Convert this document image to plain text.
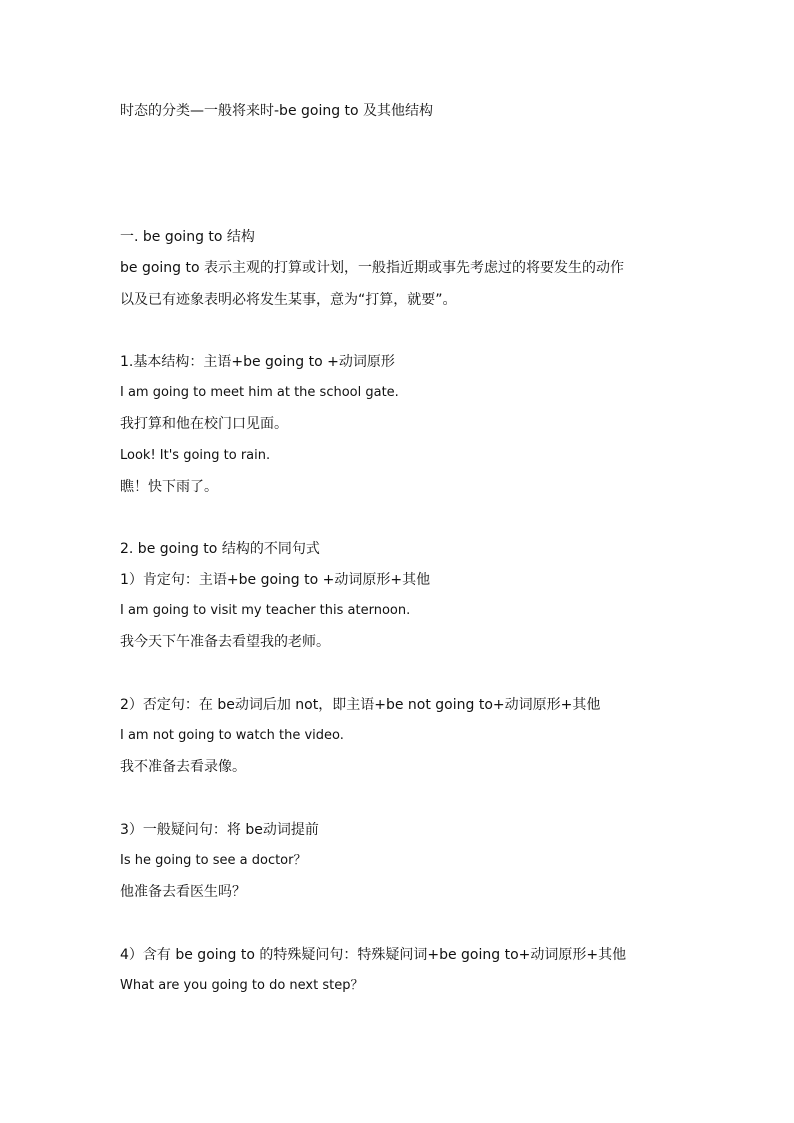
时态的分类—一般将来时-be going to 及其他结构
一. be going to 结构
be going to 表示主观的打算或计划，一般指近期或事先考虑过的将要发生的动作
以及已有迹象表明必将发生某事，意为“打算，就要”。
1.基本结构：主语+be going to +动词原形
I am going to meet him at the school gate.
我打算和他在校门口见面。
Look! It's going to rain.
瞧！快下雨了。
2. be going to 结构的不同句式
1）肯定句：主语+be going to +动词原形+其他
I am going to visit my teacher this aternoon.
我今天下午准备去看望我的老师。
2）否定句：在 be动词后加 not，即主语+be not going to+动词原形+其他
I am not going to watch the video.
我不准备去看录像。
3）一般疑问句：将 be动词提前
Is he going to see a doctor？
他准备去看医生吗？
4）含有 be going to 的特殊疑问句：特殊疑问词+be going to+动词原形+其他
What are you going to do next step？
